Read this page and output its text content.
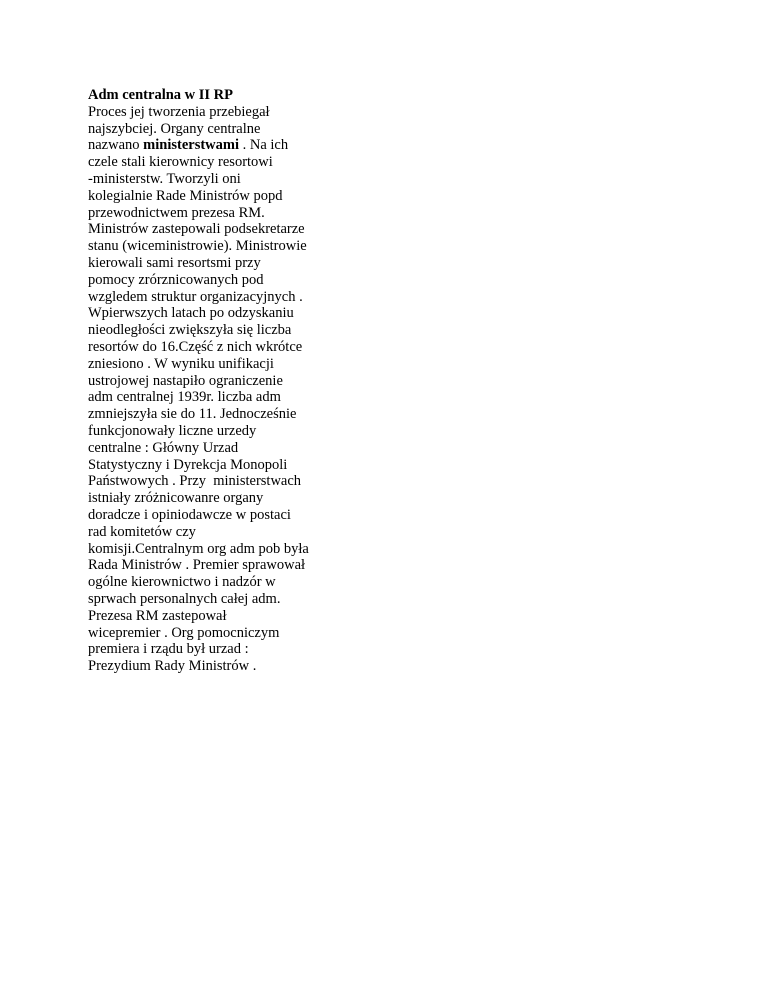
Adm centralna w II RP
Proces jej tworzenia przebiegał
najszybciej. Organy centralne
nazwano ministerstwami . Na ich
czele stali kierownicy resortowi
-ministerstw. Tworzyli oni
kolegialnie Rade Ministrów popd
przewodnictwem prezesa RM.
Ministrów zastepowali podsekretarze
stanu (wiceministrowie). Ministrowie
kierowali sami resortsmi przy
pomocy zrórznicowanych pod
wzgledem struktur organizacyjnych .
Wpierwszych latach po odzyskaniu
nieodległości zwiększyła się liczba
resortów do 16.Część z nich wkrótce
zniesiono . W wyniku unifikacji
ustrojowej nastapiło ograniczenie
adm centralnej 1939r. liczba adm
zmniejszyła sie do 11. Jednocześnie
funkcjonowały liczne urzedy
centralne : Główny Urzad
Statystyczny i Dyrekcja Monopoli
Państwowych . Przy  ministerstwach
istniały zróżnicowanre organy
doradcze i opiniodawcze w postaci
rad komitetów czy
komisji.Centralnym org adm pob była
Rada Ministrów . Premier sprawował
ogólne kierownictwo i nadzór w
sprwach personalnych całej adm.
Prezesa RM zastepował
wicepremier . Org pomocniczym
premiera i rządu był urzad :
Prezydium Rady Ministrów .
